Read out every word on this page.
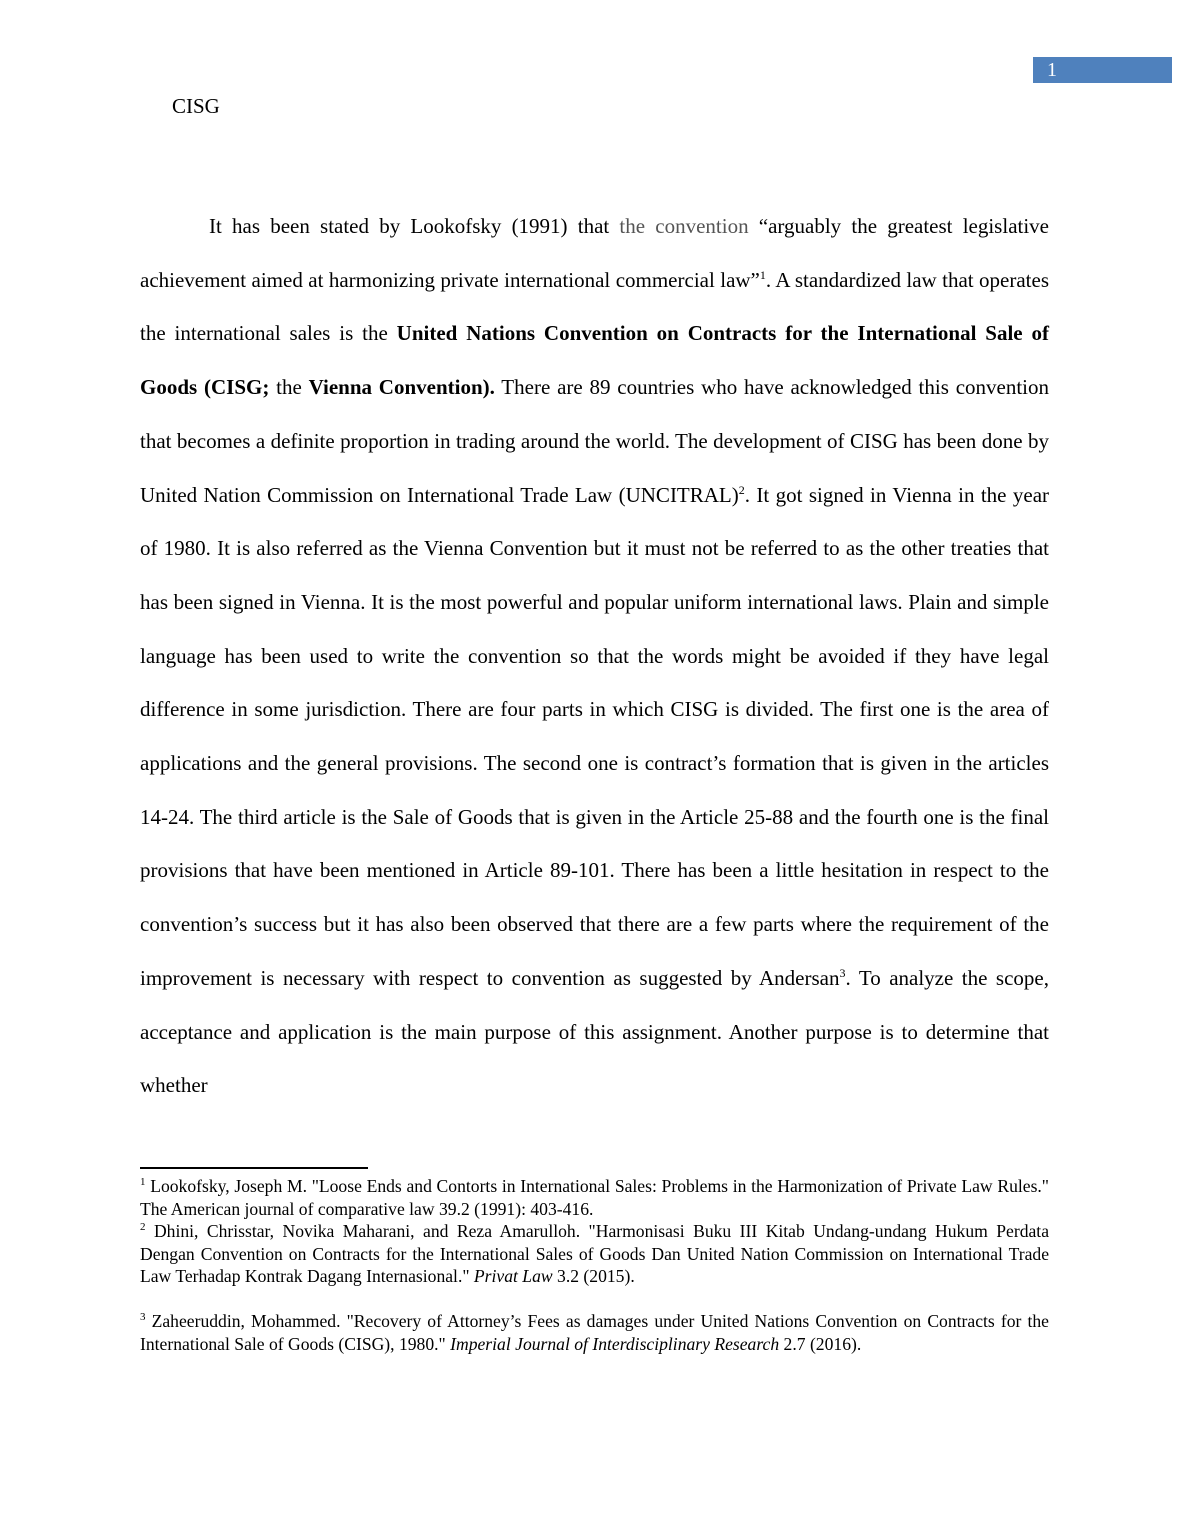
1
CISG

It has been stated by Lookofsky (1991) that the convention “arguably the greatest legislative achievement aimed at harmonizing private international commercial law”$^1$. A standardized law that operates the international sales is the United Nations Convention on Contracts for the International Sale of Goods (CISG; the Vienna Convention). There are 89 countries who have acknowledged this convention that becomes a definite proportion in trading around the world. The development of CISG has been done by United Nation Commission on International Trade Law (UNCITRAL)$^2$. It got signed in Vienna in the year of 1980. It is also referred as the Vienna Convention but it must not be referred to as the other treaties that has been signed in Vienna. It is the most powerful and popular uniform international laws. Plain and simple language has been used to write the convention so that the words might be avoided if they have legal difference in some jurisdiction. There are four parts in which CISG is divided. The first one is the area of applications and the general provisions. The second one is contract’s formation that is given in the articles 14-24. The third article is the Sale of Goods that is given in the Article 25-88 and the fourth one is the final provisions that have been mentioned in Article 89-101. There has been a little hesitation in respect to the convention’s success but it has also been observed that there are a few parts where the requirement of the improvement is necessary with respect to convention as suggested by Andersan$^3$. To analyze the scope, acceptance and application is the main purpose of this assignment. Another purpose is to determine that whether

$^1$ Lookofsky, Joseph M. "Loose Ends and Contorts in International Sales: Problems in the Harmonization of Private Law Rules." The American journal of comparative law 39.2 (1991): 403-416.

$^2$ Dhini, Chrisstar, Novika Maharani, and Reza Amarulloh. "Harmonisasi Buku III Kitab Undang-undang Hukum Perdata Dengan Convention on Contracts for the International Sales of Goods Dan United Nation Commission on International Trade Law Terhadap Kontrak Dagang Internasional." Privat Law 3.2 (2015).

$^3$ Zaheeruddin, Mohammed. "Recovery of Attorney’s Fees as damages under United Nations Convention on Contracts for the International Sale of Goods (CISG), 1980." Imperial Journal of Interdisciplinary Research 2.7 (2016).
